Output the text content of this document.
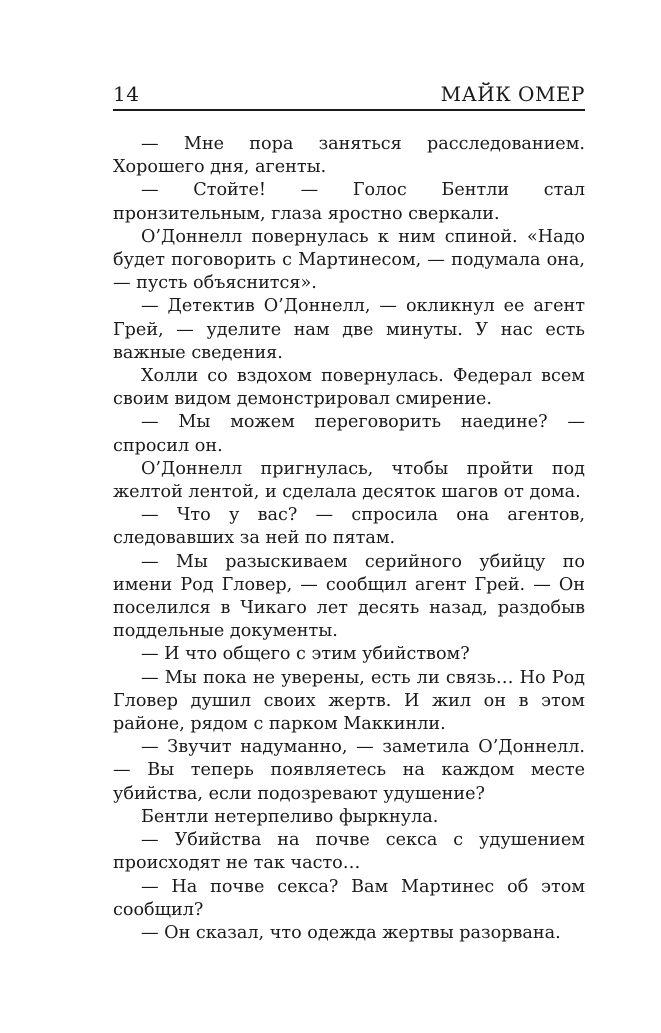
14	МАЙК ОМЕР

— Мне пора заняться расследованием. Хорошего дня, агенты.

— Стойте! — Голос Бентли стал пронзительным, глаза яростно сверкали.

О’Доннелл повернулась к ним спиной. «Надо будет поговорить с Мартинесом, — подумала она, — пусть объяснится».

— Детектив О’Доннелл, — окликнул ее агент Грей, — уделите нам две минуты. У нас есть важные сведения.

Холли со вздохом повернулась. Федерал всем своим видом демонстрировал смирение.

— Мы можем переговорить наедине? — спросил он.

О’Доннелл пригнулась, чтобы пройти под желтой лентой, и сделала десяток шагов от дома.

— Что у вас? — спросила она агентов, следовавших за ней по пятам.

— Мы разыскиваем серийного убийцу по имени Род Гловер, — сообщил агент Грей. — Он поселился в Чикаго лет десять назад, раздобыв поддельные документы.

— И что общего с этим убийством?

— Мы пока не уверены, есть ли связь… Но Род Гловер душил своих жертв. И жил он в этом районе, рядом с парком Маккинли.

— Звучит надуманно, — заметила О’Доннелл. — Вы теперь появляетесь на каждом месте убийства, если подозревают удушение?

Бентли нетерпеливо фыркнула.

— Убийства на почве секса с удушением происходят не так часто…

— На почве секса? Вам Мартинес об этом сообщил?

— Он сказал, что одежда жертвы разорвана.
